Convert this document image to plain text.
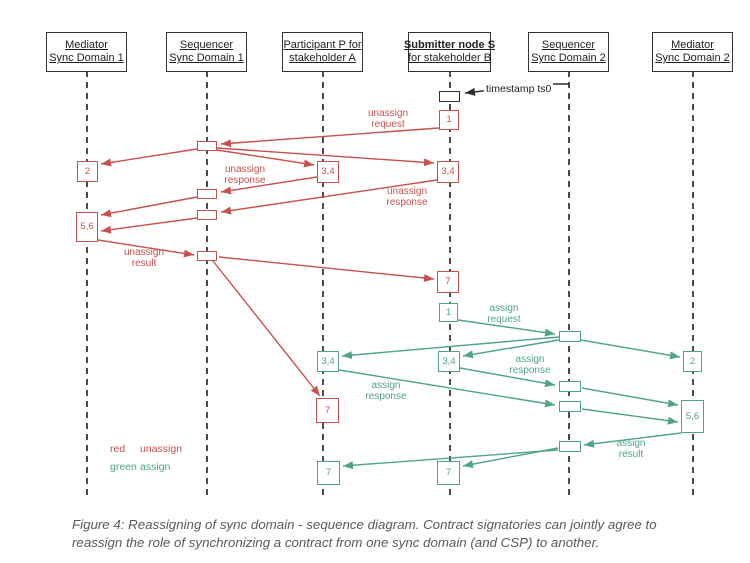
Mediator
Sync Domain 1
Sequencer
Sync Domain 1
Participant P for
stakeholder A
Submitter node S
for stakeholder B
Sequencer
Sync Domain 2
Mediator
Sync Domain 2
1
2	3,4	3,4
5,6
7
7
1
3,4	3,4	2
5,6
7	7
timestamp ts0
unassign
request
unassign
response
unassign
response
unassign
result
assign
request
assign
response
assign
response
assign
result
red unassign
green assign
Figure 4: Reassigning of sync domain - sequence diagram. Contract signatories can jointly agree to
reassign the role of synchronizing a contract from one sync domain (and CSP) to another.
